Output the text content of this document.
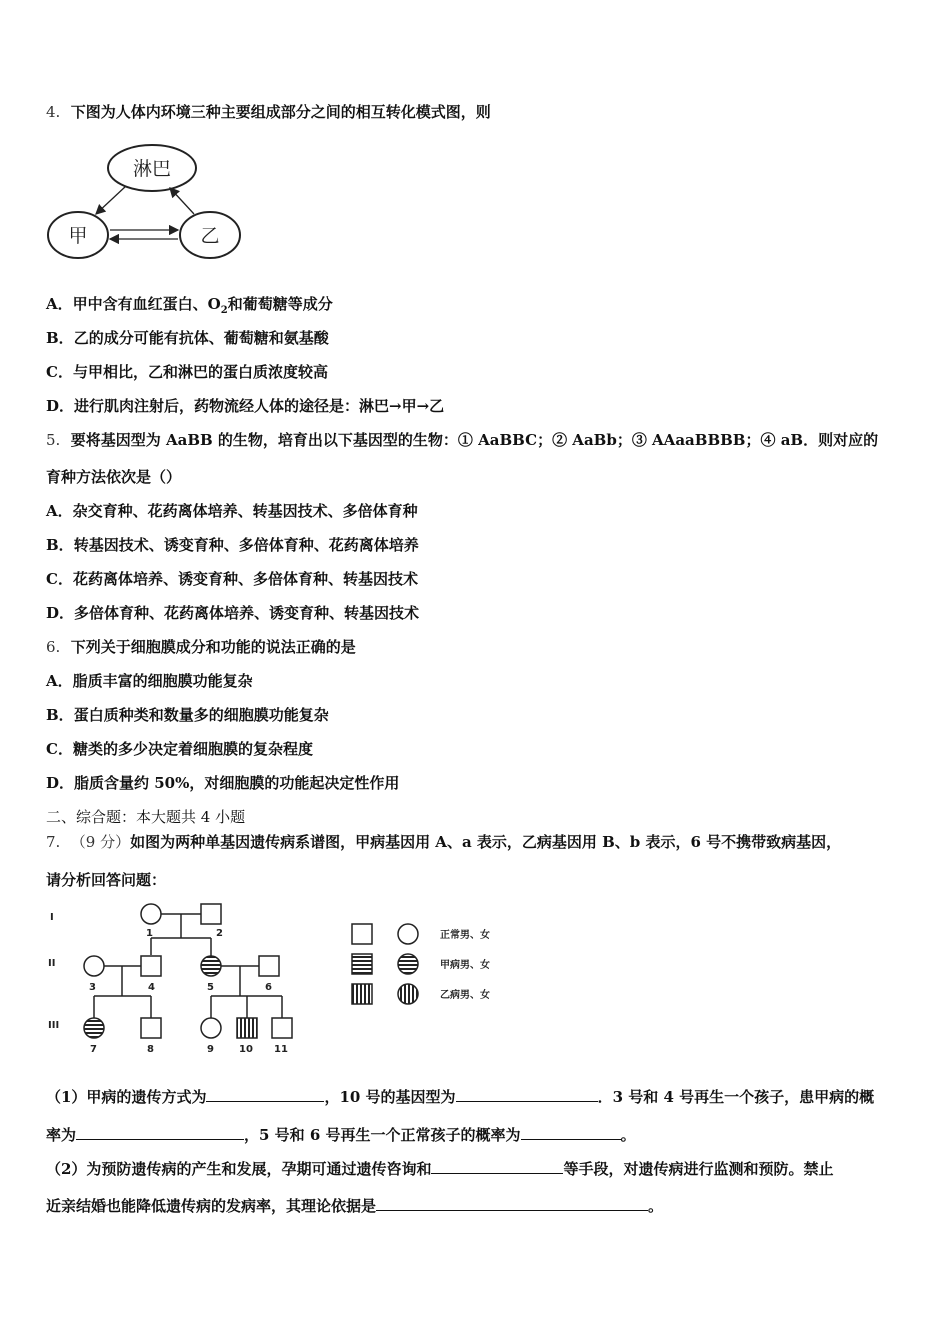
4. 下图为人体内环境三种主要组成部分之间的相互转化模式图，则
淋巴
甲	乙
A．甲中含有血红蛋白、$O_2$和葡萄糖等成分
B．乙的成分可能有抗体、葡萄糖和氨基酸
C．与甲相比，乙和淋巴的蛋白质浓度较高
D．进行肌肉注射后，药物流经人体的途径是：淋巴→甲→乙
5. 要将基因型为 AaBB 的生物，培育出以下基因型的生物：① AaBBC；② AaBb；③ AAaaBBBB；④ aB．则对应的
育种方法依次是（）
A．杂交育种、花药离体培养、转基因技术、多倍体育种
B．转基因技术、诱变育种、多倍体育种、花药离体培养
C．花药离体培养、诱变育种、多倍体育种、转基因技术
D．多倍体育种、花药离体培养、诱变育种、转基因技术
6. 下列关于细胞膜成分和功能的说法正确的是
A．脂质丰富的细胞膜功能复杂
B．蛋白质种类和数量多的细胞膜功能复杂
C．糖类的多少决定着细胞膜的复杂程度
D．脂质含量约 50%，对细胞膜的功能起决定性作用
二、综合题：本大题共 4 小题
7. （9 分）如图为两种单基因遗传病系谱图，甲病基因用 A、a 表示，乙病基因用 B、b 表示，6 号不携带致病基因，
请分析回答问题：
I
II
III
1	2
3	4	5	6
7	8	9	10 11
正常男、女
甲病男、女
乙病男、女
（1）甲病的遗传方式为	，10 号的基因型为	．3 号和 4 号再生一个孩子，患甲病的概
率为	，5 号和 6 号再生一个正常孩子的概率为	。
（2）为预防遗传病的产生和发展，孕期可通过遗传咨询和	等手段，对遗传病进行监测和预防。禁止
近亲结婚也能降低遗传病的发病率，其理论依据是	。
